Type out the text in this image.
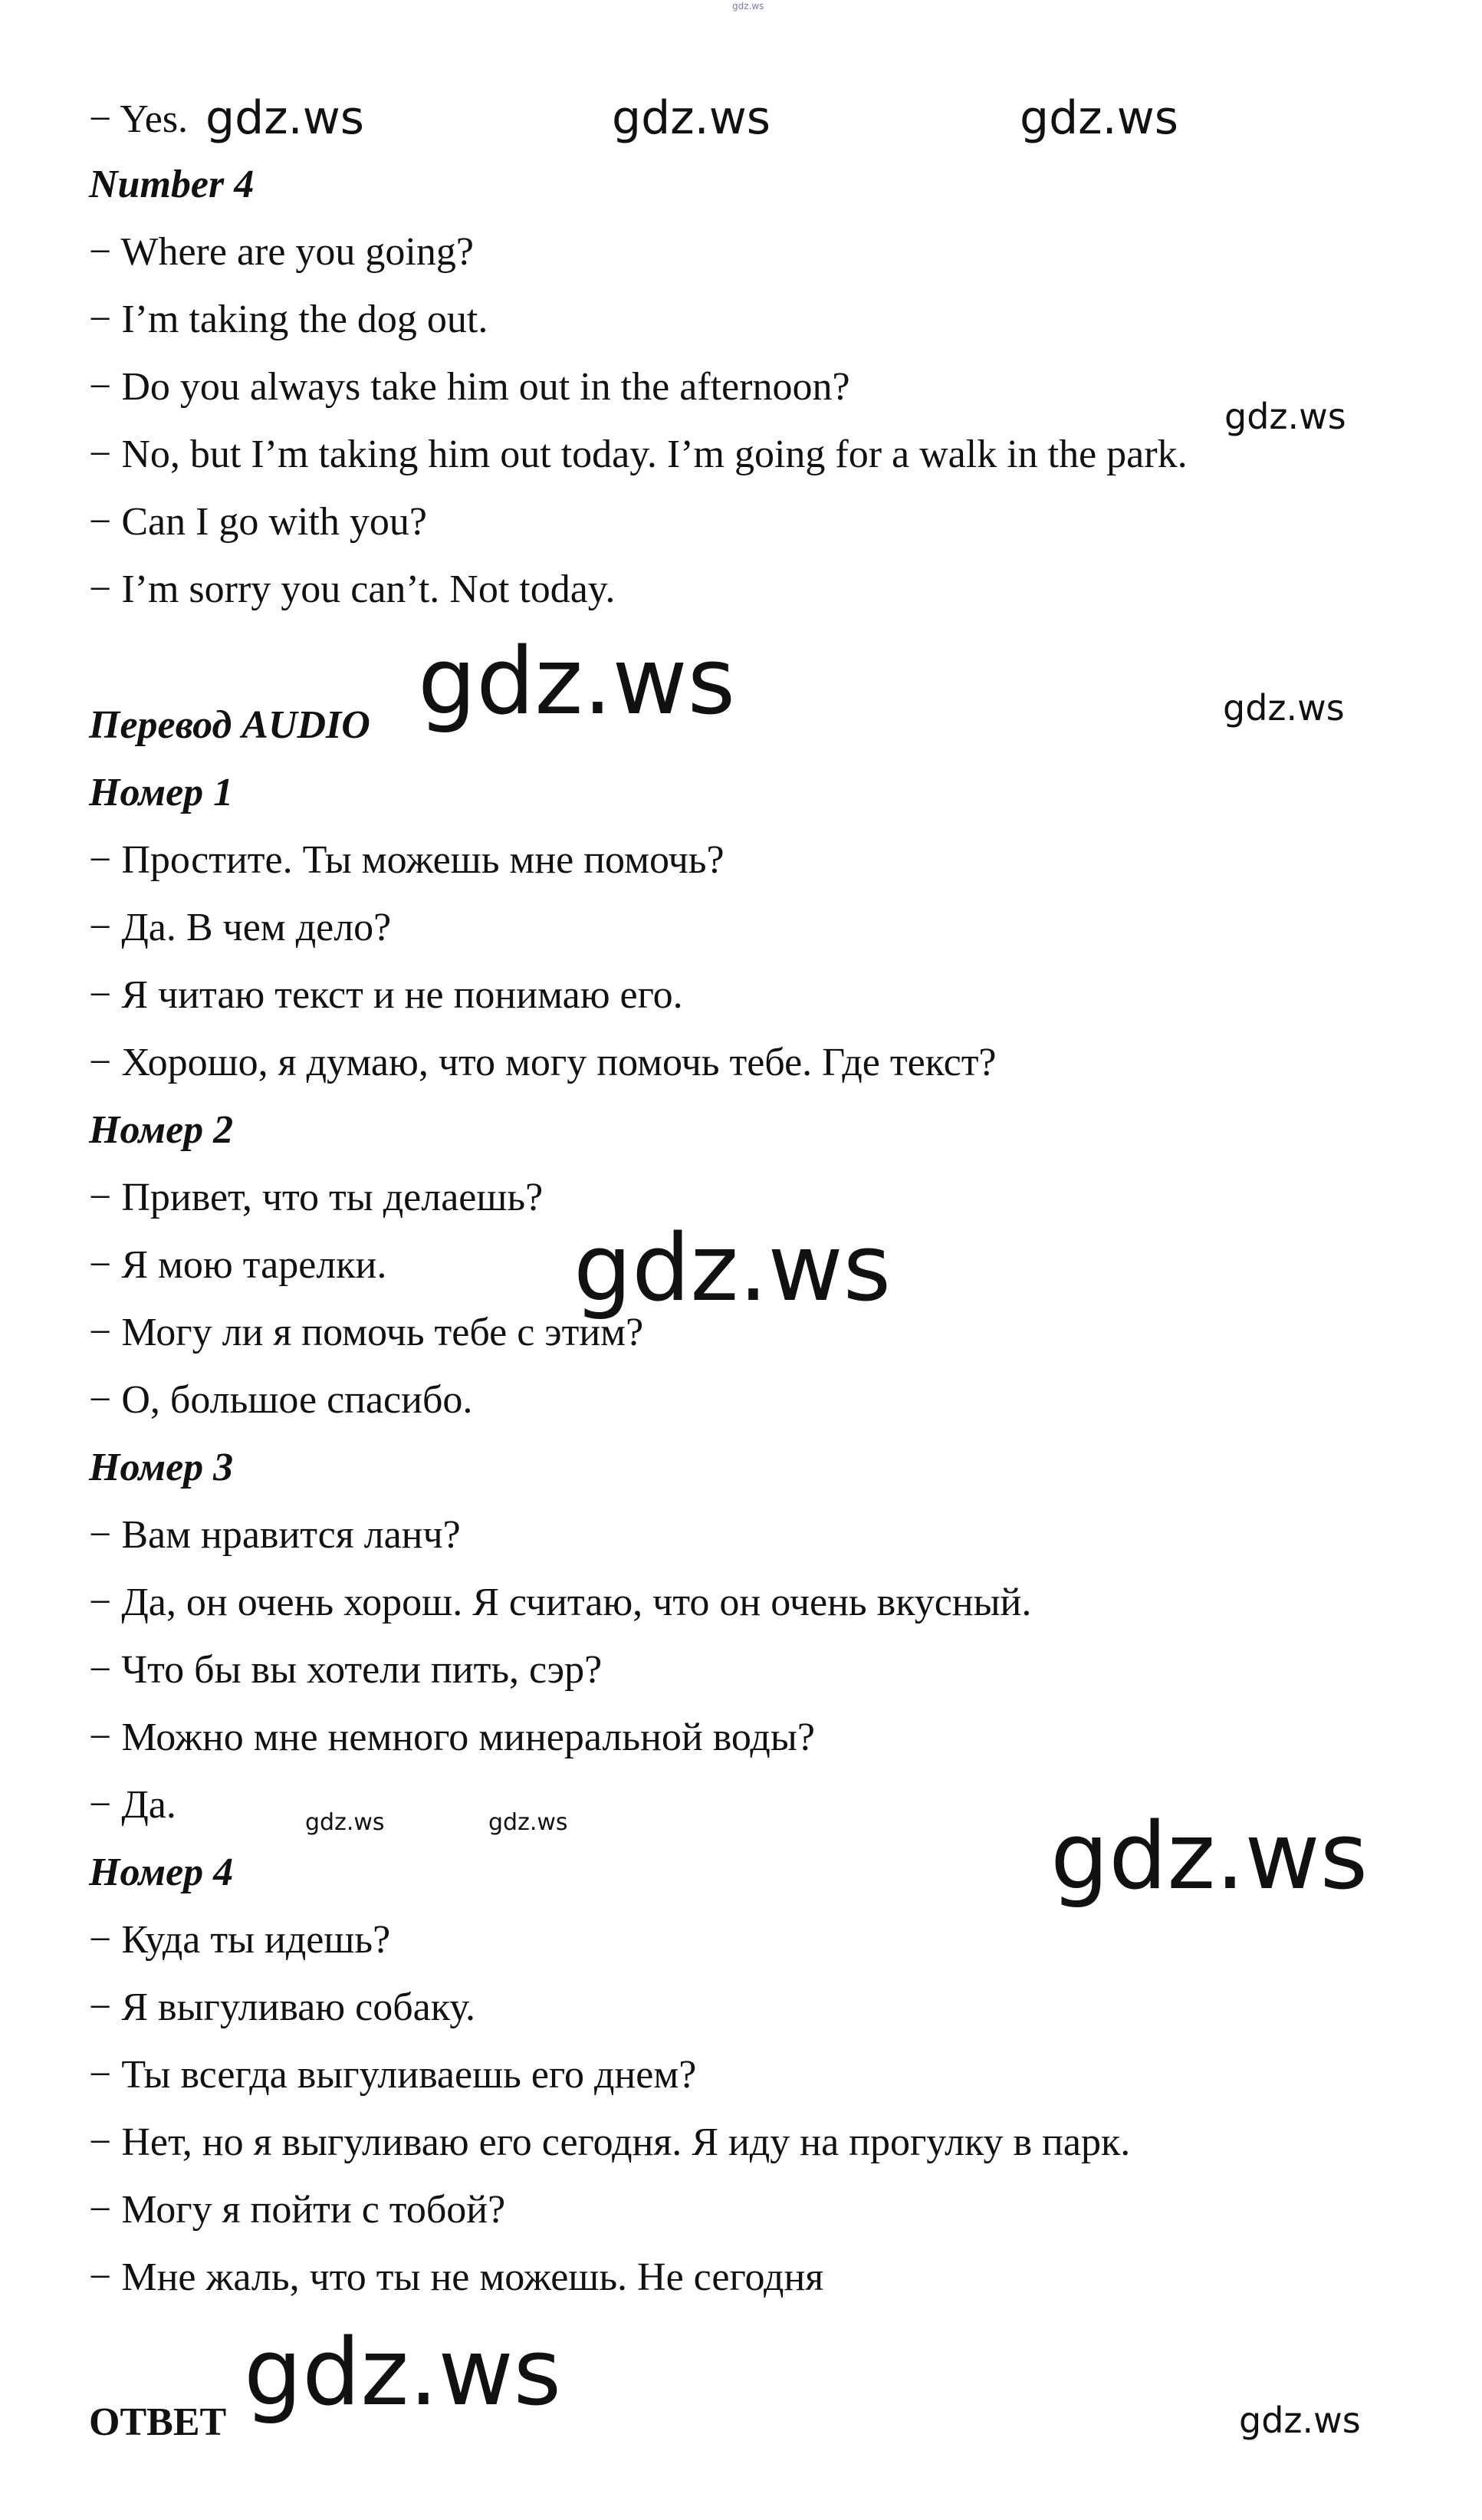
− Yes.
Number 4
− Where are you going?
− I’m taking the dog out.
− Do you always take him out in the afternoon?
− No, but I’m taking him out today. I’m going for a walk in the park.
− Can I go with you?
− I’m sorry you can’t. Not today.
Перевод AUDIO
Номер 1
− Простите. Ты можешь мне помочь?
− Да. В чем дело?
− Я читаю текст и не понимаю его.
− Хорошо, я думаю, что могу помочь тебе. Где текст?
Номер 2
− Привет, что ты делаешь?
− Я мою тарелки.
− Могу ли я помочь тебе с этим?
− О, большое спасибо.
Номер 3
− Вам нравится ланч?
− Да, он очень хорош. Я считаю, что он очень вкусный.
− Что бы вы хотели пить, сэр?
− Можно мне немного минеральной воды?
− Да.
Номер 4
− Куда ты идешь?
− Я выгуливаю собаку.
− Ты всегда выгуливаешь его днем?
− Нет, но я выгуливаю его сегодня. Я иду на прогулку в парк.
− Могу я пойти с тобой?
− Мне жаль, что ты не можешь. Не сегодня
ОТВЕТ
gdz.ws
gdz.ws	gdz.ws	gdz.ws
gdz.ws
gdz.ws	gdz.ws
gdz.ws
gdz.ws	gdz.ws	gdz.ws
gdz.ws	gdz.ws
